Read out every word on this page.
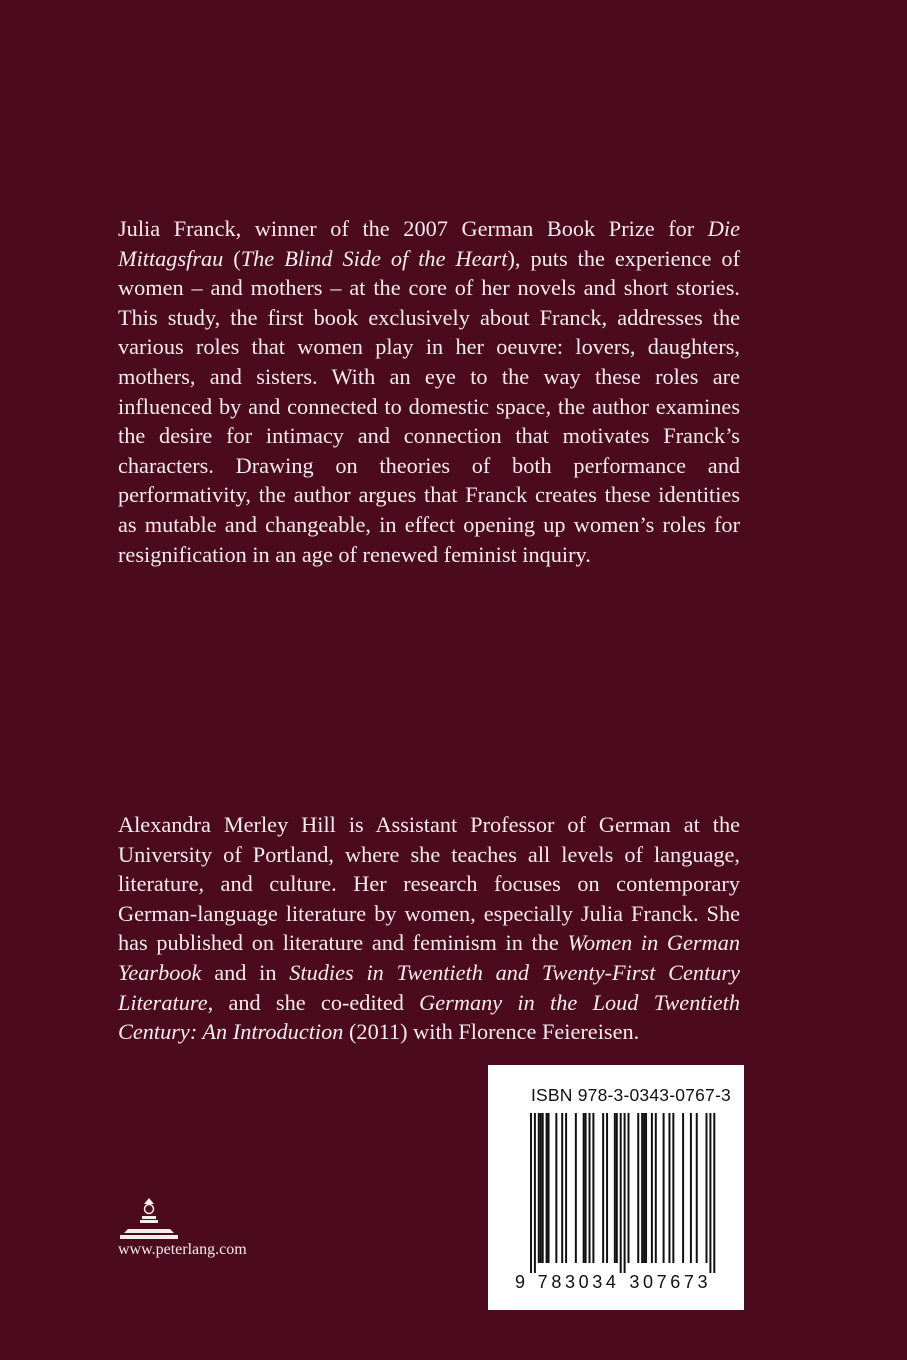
Julia Franck, winner of the 2007 German Book Prize for Die Mittagsfrau (The Blind Side of the Heart), puts the experience of women – and mothers – at the core of her novels and short stories. This study, the first book exclusively about Franck, addresses the various roles that women play in her oeuvre: lovers, daughters, mothers, and sisters. With an eye to the way these roles are influenced by and connected to domestic space, the author examines the desire for intimacy and connection that motivates Franck’s characters. Drawing on theories of both performance and performativity, the author argues that Franck creates these identities as mutable and changeable, in effect opening up women’s roles for resignification in an age of renewed feminist inquiry.

Alexandra Merley Hill is Assistant Professor of German at the University of Portland, where she teaches all levels of language, literature, and culture. Her research focuses on contemporary German-language literature by women, especially Julia Franck. She has published on literature and feminism in the Women in German Yearbook and in Studies in Twentieth and Twenty-First Century Literature, and she co-edited Germany in the Loud Twentieth Century: An Introduction (2011) with Florence Feiereisen.

www.peterlang.com
ISBN 978-3-0343-0767-3
9 7 8 3 0 3 4 3 0 7 6 7 3
